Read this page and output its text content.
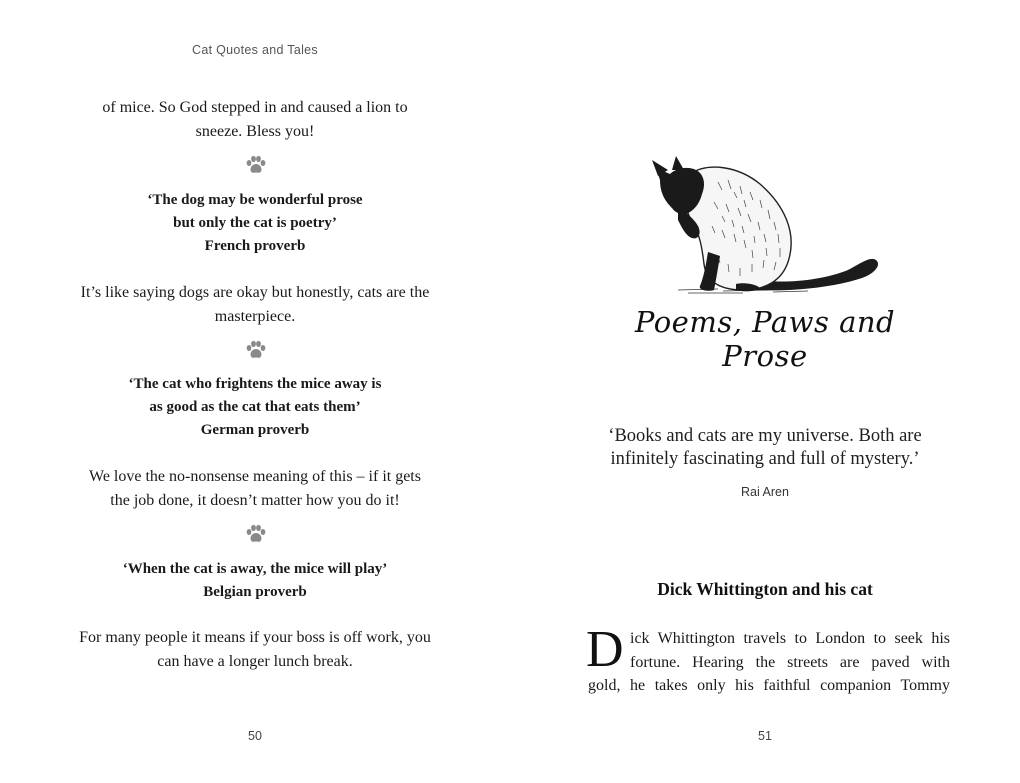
Cat Quotes and Tales
of mice. So God stepped in and caused a lion to
sneeze. Bless you!
‘The dog may be wonderful prose
but only the cat is poetry’
French proverb
It’s like saying dogs are okay but honestly, cats are the
masterpiece.
‘The cat who frightens the mice away is
as good as the cat that eats them’
German proverb
We love the no-nonsense meaning of this – if it gets
the job done, it doesn’t matter how you do it!
‘When the cat is away, the mice will play’
Belgian proverb
For many people it means if your boss is off work, you
can have a longer lunch break.
50
Poems, Paws and Prose
‘Books and cats are my universe. Both are
infinitely fascinating and full of mystery.’
Rai Aren
Dick Whittington and his cat
D ick Whittington travels to London to seek his
fortune. Hearing the streets are paved with
gold, he takes only his faithful companion Tommy
51
